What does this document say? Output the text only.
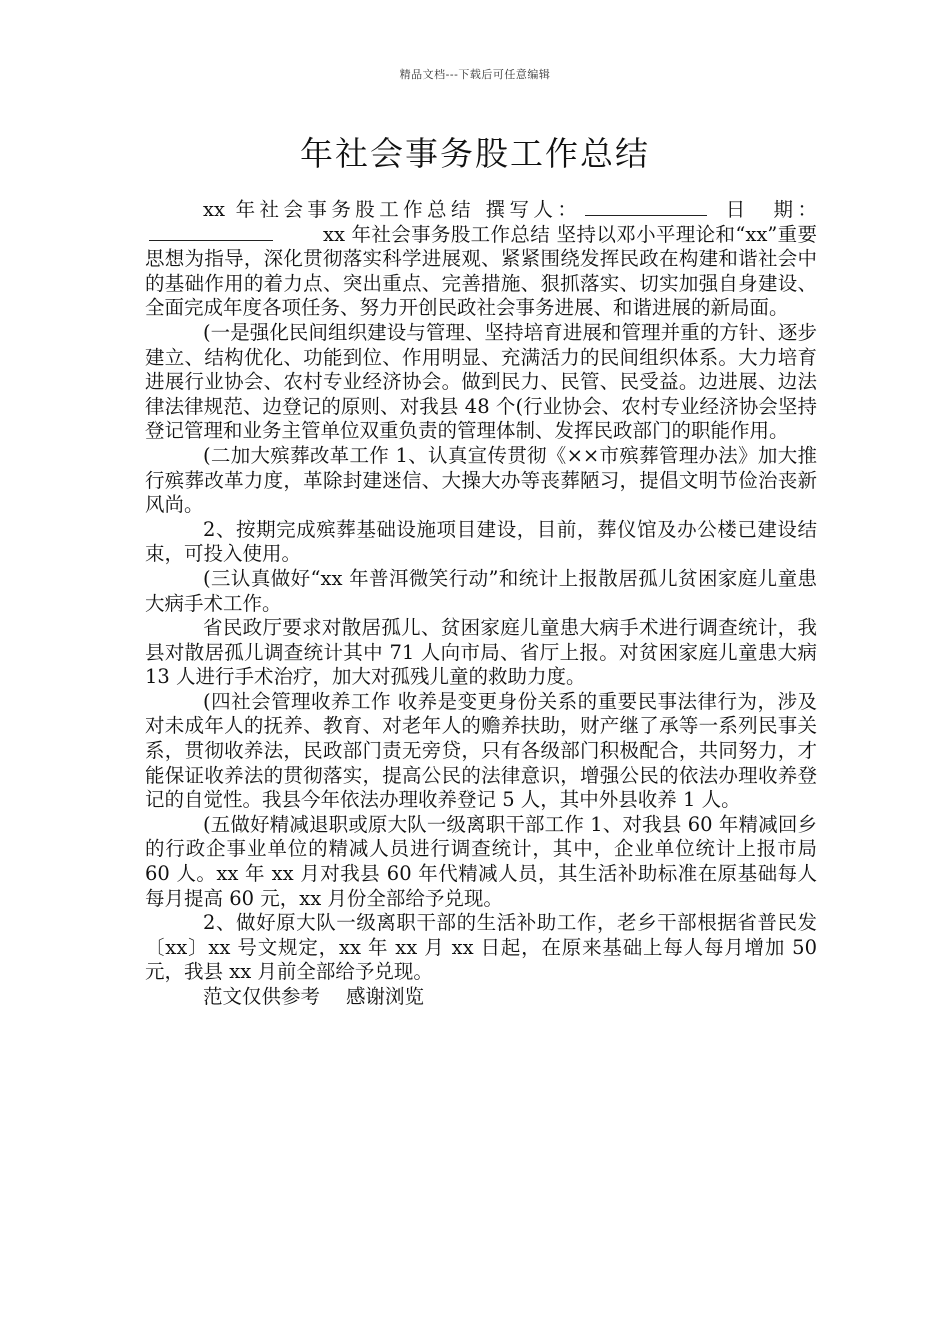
精品文档---下载后可任意编辑
年社会事务股工作总结

xx 年社会事务股工作总结 撰写人：	日　期：xx 年社会事务股工作总结 坚持以邓小平理论和“xx”重要思想为指导，深化贯彻落实科学进展观、紧紧围绕发挥民政在构建和谐社会中的基础作用的着力点、突出重点、完善措施、狠抓落实、切实加强自身建设、全面完成年度各项任务、努力开创民政社会事务进展、和谐进展的新局面。

(一是强化民间组织建设与管理、坚持培育进展和管理并重的方针、逐步建立、结构优化、功能到位、作用明显、充满活力的民间组织体系。大力培育进展行业协会、农村专业经济协会。做到民力、民管、民受益。边进展、边法律法律规范、边登记的原则、对我县 48 个(行业协会、农村专业经济协会坚持登记管理和业务主管单位双重负责的管理体制、发挥民政部门的职能作用。

(二加大殡葬改革工作 1、认真宣传贯彻《××市殡葬管理办法》加大推行殡葬改革力度，革除封建迷信、大操大办等丧葬陋习，提倡文明节俭治丧新风尚。

2、按期完成殡葬基础设施项目建设，目前，葬仪馆及办公楼已建设结束，可投入使用。

(三认真做好“xx 年普洱微笑行动”和统计上报散居孤儿贫困家庭儿童患大病手术工作。

省民政厅要求对散居孤儿、贫困家庭儿童患大病手术进行调查统计，我县对散居孤儿调查统计其中 71 人向市局、省厅上报。对贫困家庭儿童患大病 13 人进行手术治疗，加大对孤残儿童的救助力度。

(四社会管理收养工作 收养是变更身份关系的重要民事法律行为，涉及对未成年人的抚养、教育、对老年人的赡养扶助，财产继了承等一系列民事关系，贯彻收养法，民政部门责无旁贷，只有各级部门积极配合，共同努力，才能保证收养法的贯彻落实，提高公民的法律意识，增强公民的依法办理收养登记的自觉性。我县今年依法办理收养登记 5 人，其中外县收养 1 人。

(五做好精减退职或原大队一级离职干部工作 1、对我县 60 年精减回乡的行政企事业单位的精减人员进行调查统计，其中，企业单位统计上报市局 60 人。xx 年 xx 月对我县 60 年代精减人员，其生活补助标准在原基础每人每月提高 60 元，xx 月份全部给予兑现。

2、做好原大队一级离职干部的生活补助工作，老乡干部根据省普民发〔xx〕xx 号文规定，xx 年 xx 月 xx 日起，在原来基础上每人每月增加 50 元，我县 xx 月前全部给予兑现。

范文仅供参考 感谢浏览
